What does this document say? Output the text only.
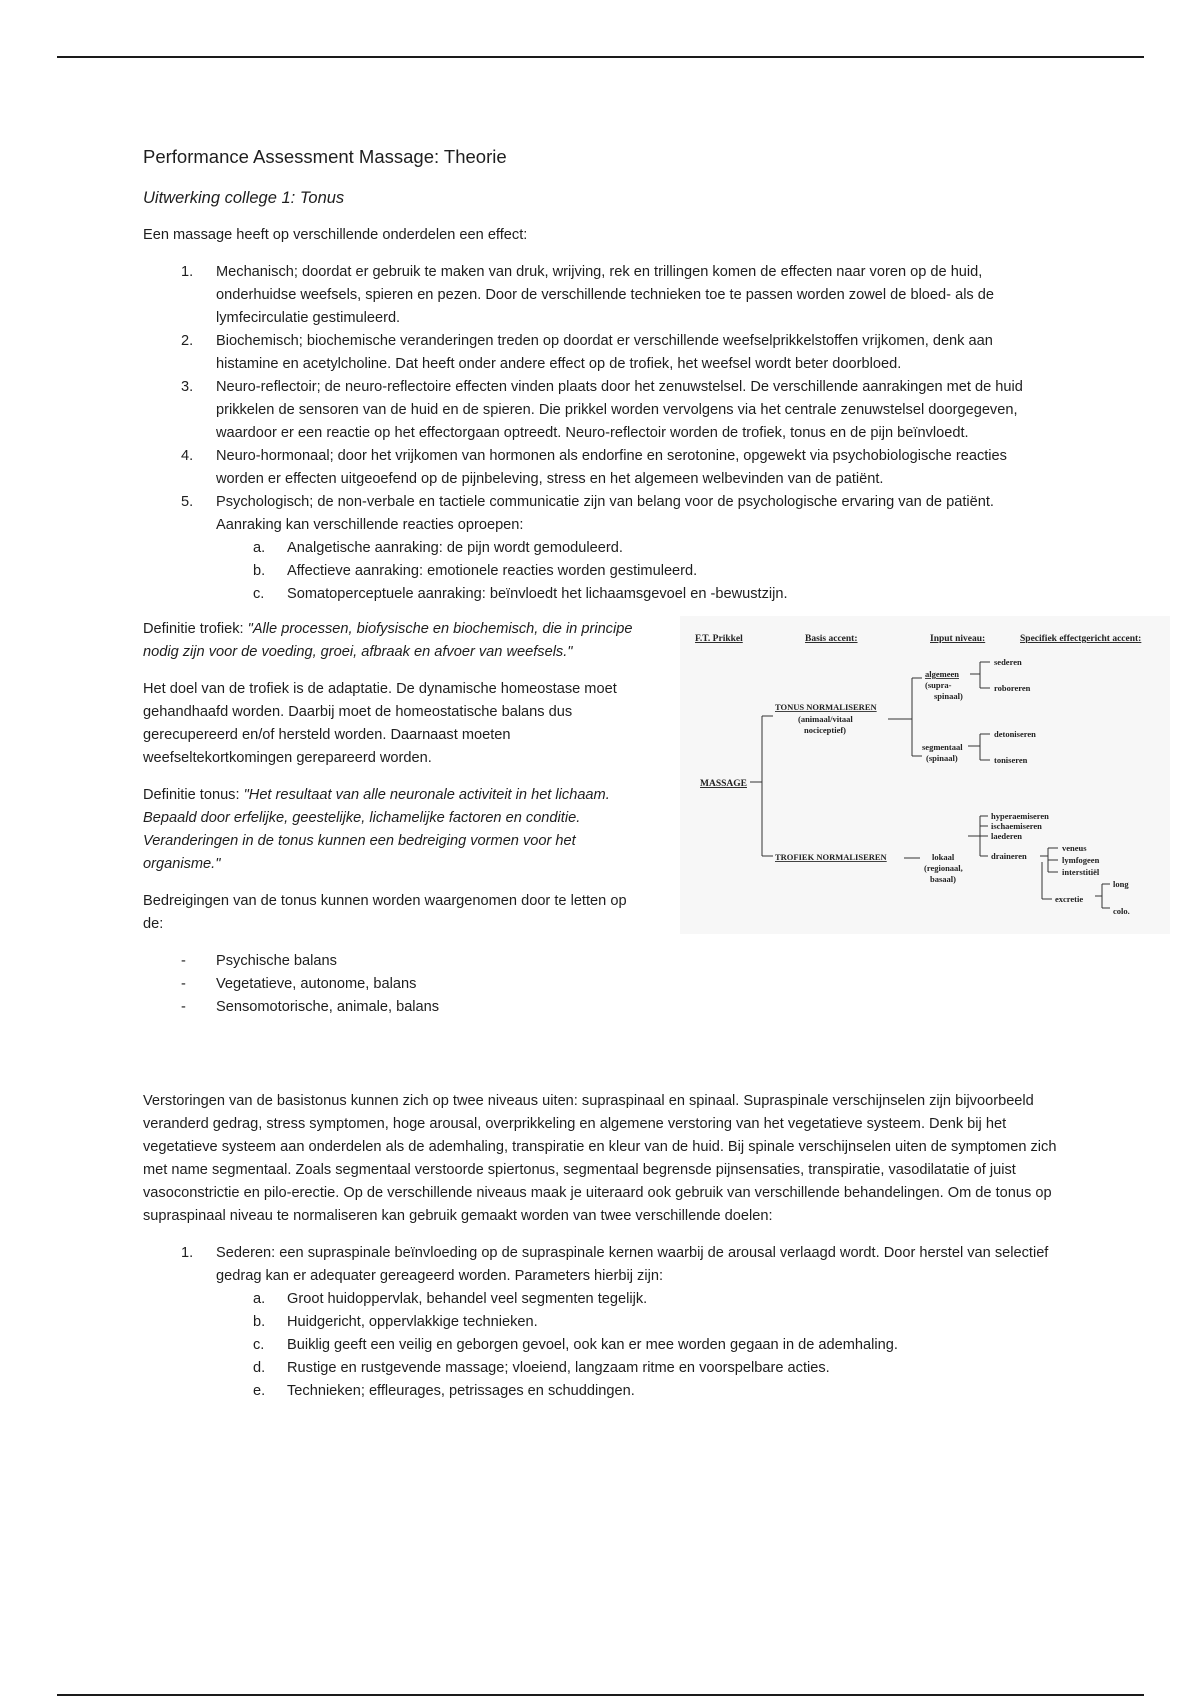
Performance Assessment Massage: Theorie
Uitwerking college 1: Tonus

Een massage heeft op verschillende onderdelen een effect:

1. Mechanisch; doordat er gebruik te maken van druk, wrijving, rek en trillingen komen de effecten naar voren op de huid, onderhuidse weefsels, spieren en pezen. Door de verschillende technieken toe te passen worden zowel de bloed- als de lymfecirculatie gestimuleerd.
2. Biochemisch; biochemische veranderingen treden op doordat er verschillende weefselprikkelstoffen vrijkomen, denk aan histamine en acetylcholine. Dat heeft onder andere effect op de trofiek, het weefsel wordt beter doorbloed.
3. Neuro-reflectoir; de neuro-reflectoire effecten vinden plaats door het zenuwstelsel. De verschillende aanrakingen met de huid prikkelen de sensoren van de huid en de spieren. Die prikkel worden vervolgens via het centrale zenuwstelsel doorgegeven, waardoor er een reactie op het effectorgaan optreedt. Neuro-reflectoir worden de trofiek, tonus en de pijn beïnvloedt.
4. Neuro-hormonaal; door het vrijkomen van hormonen als endorfine en serotonine, opgewekt via psychobiologische reacties worden er effecten uitgeoefend op de pijnbeleving, stress en het algemeen welbevinden van de patiënt.
5. Psychologisch; de non-verbale en tactiele communicatie zijn van belang voor de psychologische ervaring van de patiënt. Aanraking kan verschillende reacties oproepen:
a. Analgetische aanraking: de pijn wordt gemoduleerd.
b. Affectieve aanraking: emotionele reacties worden gestimuleerd.
c. Somatoperceptuele aanraking: beïnvloedt het lichaamsgevoel en -bewustzijn.

Definitie trofiek: "Alle processen, biofysische en biochemisch, die in principe nodig zijn voor de voeding, groei, afbraak en afvoer van weefsels."

Het doel van de trofiek is de adaptatie. De dynamische homeostase moet gehandhaafd worden. Daarbij moet de homeostatische balans dus gerecupereerd en/of hersteld worden. Daarnaast moeten weefseltekortkomingen gerepareerd worden.

Definitie tonus: "Het resultaat van alle neuronale activiteit in het lichaam. Bepaald door erfelijke, geestelijke, lichamelijke factoren en conditie. Veranderingen in de tonus kunnen een bedreiging vormen voor het organisme."

Bedreigingen van de tonus kunnen worden waargenomen door te letten op de:

- Psychische balans
- Vegetatieve, autonome, balans
- Sensomotorische, animale, balans
F.T. Prikkel	Basis accent:	Input niveau:	Specifiek effectgericht accent:
MASSAGE
TONUS NORMALISEREN
(animaal/vitaal
nociceptief)
TROFIEK NORMALISEREN
algemeen
(supra-
spinaal)
segmentaal
(spinaal)
lokaal
(regionaal,
basaal)
sederen
roboreren
detoniseren
toniseren
hyperaemiseren
ischaemiseren
laederen
draineren
veneus
lymfogeen
interstitiël
excretie
long
colo.

Verstoringen van de basistonus kunnen zich op twee niveaus uiten: supraspinaal en spinaal. Supraspinale verschijnselen zijn bijvoorbeeld veranderd gedrag, stress symptomen, hoge arousal, overprikkeling en algemene verstoring van het vegetatieve systeem. Denk bij het vegetatieve systeem aan onderdelen als de ademhaling, transpiratie en kleur van de huid. Bij spinale verschijnselen uiten de symptomen zich met name segmentaal. Zoals segmentaal verstoorde spiertonus, segmentaal begrensde pijnsensaties, transpiratie, vasodilatatie of juist vasoconstrictie en pilo-erectie. Op de verschillende niveaus maak je uiteraard ook gebruik van verschillende behandelingen. Om de tonus op supraspinaal niveau te normaliseren kan gebruik gemaakt worden van twee verschillende doelen:

1. Sederen: een supraspinale beïnvloeding op de supraspinale kernen waarbij de arousal verlaagd wordt. Door herstel van selectief gedrag kan er adequater gereageerd worden. Parameters hierbij zijn:
a. Groot huidoppervlak, behandel veel segmenten tegelijk.
b. Huidgericht, oppervlakkige technieken.
c. Buiklig geeft een veilig en geborgen gevoel, ook kan er mee worden gegaan in de ademhaling.
d. Rustige en rustgevende massage; vloeiend, langzaam ritme en voorspelbare acties.
e. Technieken; effleurages, petrissages en schuddingen.
